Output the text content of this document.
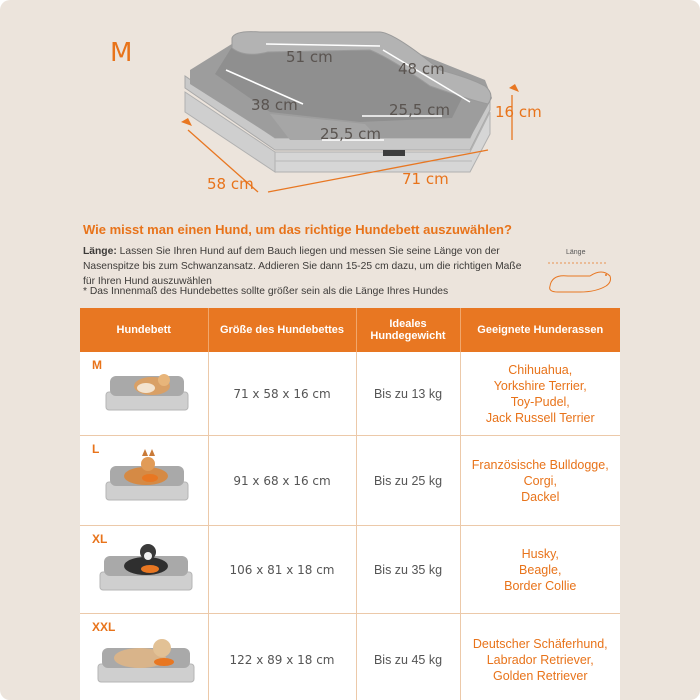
M	51 cm
48 cm
38 cm	25,5 cm
25,5 cm
16 cm
58 cm	71 cm
Wie misst man einen Hund, um das richtige Hundebett auszuwählen?
Länge: Lassen Sie Ihren Hund auf dem Bauch liegen und messen Sie seine Länge von der Nasenspitze bis zum Schwanzansatz. Addieren Sie dann 15-25 cm dazu, um die richtigen Maße für Ihren Hund auszuwählen
* Das Innenmaß des Hundebettes sollte größer sein als die Länge Ihres Hundes
Länge
Hundebett	Größe des Hundebettes	Ideales Hundegewicht	Geeignete Hunderassen

M	71 x 58 x 16 cm	Bis zu 13 kg	Chihuahua,
Yorkshire Terrier,
Toy-Pudel,
Jack Russell Terrier

L	91 x 68 x 16 cm	Bis zu 25 kg	Französische Bulldogge,
Corgi,
Dackel

XL	106 x 81 x 18 cm	Bis zu 35 kg	Husky,
Beagle,
Border Collie

XXL	122 x 89 x 18 cm	Bis zu 45 kg	Deutscher Schäferhund,
Labrador Retriever,
Golden Retriever
